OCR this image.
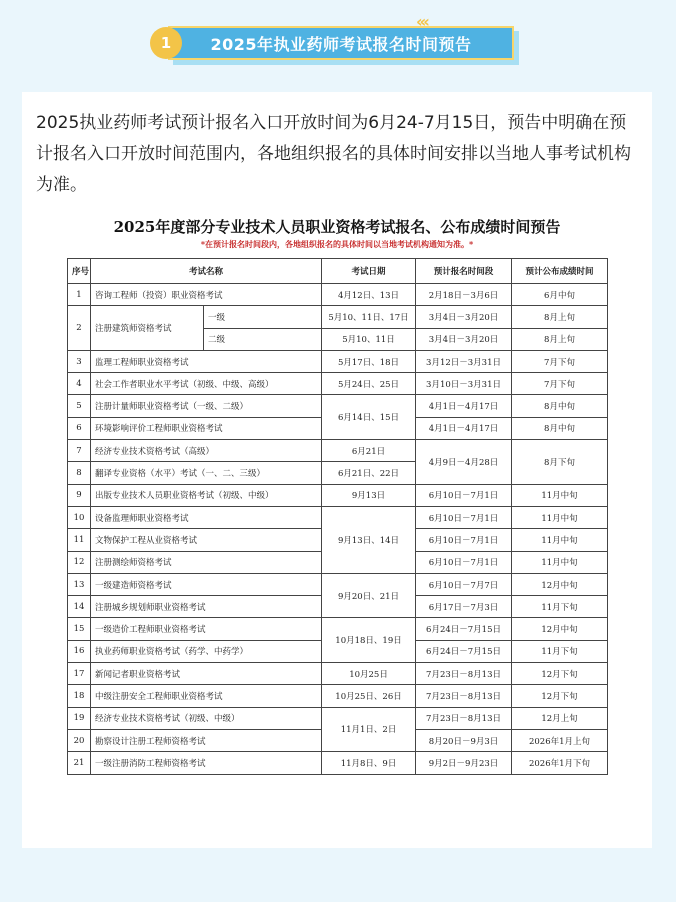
2025年执业药师考试报名时间预告
1
‹‹‹
2025执业药师考试预计报名入口开放时间为6月24-7月15日，预告中明确在预计报名入口开放时间范围内，各地组织报名的具体时间安排以当地人事考试机构为准。
2025年度部分专业技术人员职业资格考试报名、公布成绩时间预告
*在预计报名时间段内，各地组织报名的具体时间以当地考试机构通知为准。*
序号	考试名称		考试日期	预计报名时间段	预计公布成绩时间
1	咨询工程师（投资）职业资格考试		4月12日、13日	2月18日－3月6日	6月中旬
2	注册建筑师资格考试	一级	5月10、11日、17日	3月4日－3月20日	8月上旬
		二级	5月10、11日	3月4日－3月20日	8月上旬
3	监理工程师职业资格考试		5月17日、18日	3月12日－3月31日	7月下旬
4	社会工作者职业水平考试（初级、中级、高级）		5月24日、25日	3月10日－3月31日	7月下旬
5	注册计量师职业资格考试（一级、二级）		6月14日、15日	4月1日－4月17日	8月中旬
6	环境影响评价工程师职业资格考试			4月1日－4月17日	8月中旬
7	经济专业技术资格考试（高级）		6月21日	4月9日－4月28日	8月下旬
8	翻译专业资格（水平）考试（一、二、三级）		6月21日、22日		
9	出版专业技术人员职业资格考试（初级、中级）		9月13日	6月10日－7月1日	11月中旬
10	设备监理师职业资格考试		9月13日、14日	6月10日－7月1日	11月中旬
11	文物保护工程从业资格考试			6月10日－7月1日	11月中旬
12	注册测绘师资格考试			6月10日－7月1日	11月中旬
13	一级建造师资格考试		9月20日、21日	6月10日－7月7日	12月中旬
14	注册城乡规划师职业资格考试			6月17日－7月3日	11月下旬
15	一级造价工程师职业资格考试		10月18日、19日	6月24日－7月15日	12月中旬
16	执业药师职业资格考试（药学、中药学）			6月24日－7月15日	11月下旬
17	新闻记者职业资格考试		10月25日	7月23日－8月13日	12月下旬
18	中级注册安全工程师职业资格考试		10月25日、26日	7月23日－8月13日	12月下旬
19	经济专业技术资格考试（初级、中级）		11月1日、2日	7月23日－8月13日	12月上旬
20	勘察设计注册工程师资格考试			8月20日－9月3日	2026年1月上旬
21	一级注册消防工程师资格考试		11月8日、9日	9月2日－9月23日	2026年1月下旬
